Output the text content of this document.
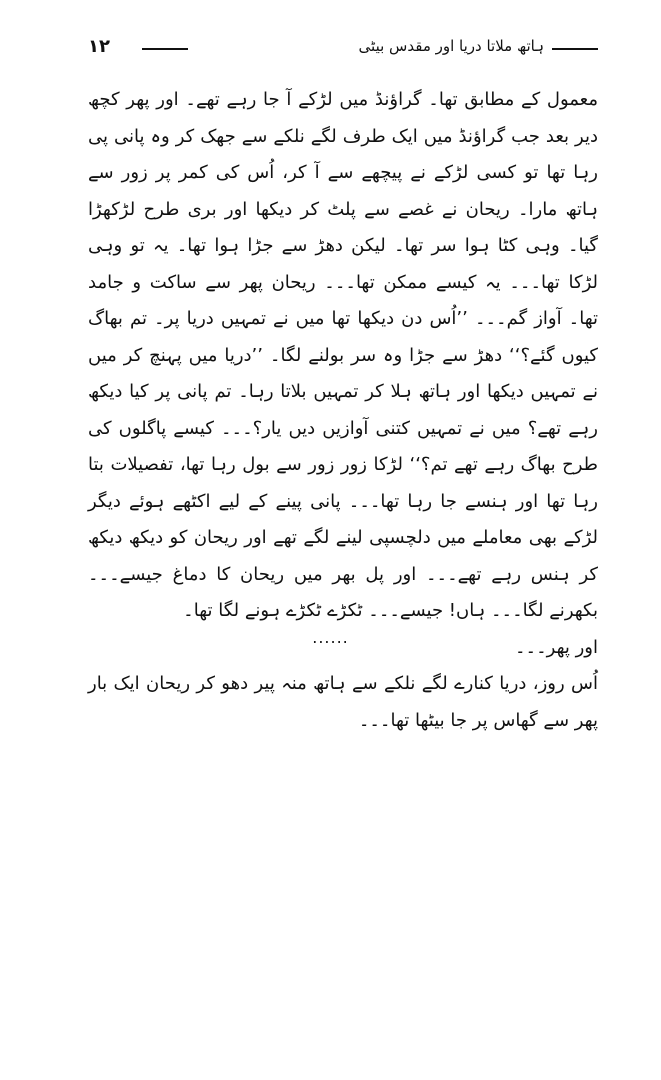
۱۲	ہاتھ ملاتا دریا اور مقدس بیٹی

معمول کے مطابق تھا۔ گراؤنڈ میں لڑکے آ جا رہے تھے۔ اور پھر کچھ دیر بعد جب گراؤنڈ میں ایک طرف لگے نلکے سے جھک کر وہ پانی پی رہا تھا تو کسی لڑکے نے پیچھے سے آ کر، اُس کی کمر پر زور سے ہاتھ مارا۔ ریحان نے غصے سے پلٹ کر دیکھا اور بری طرح لڑکھڑا گیا۔ وہی کٹا ہوا سر تھا۔ لیکن دھڑ سے جڑا ہوا تھا۔ یہ تو وہی لڑکا تھا۔۔۔ یہ کیسے ممکن تھا۔۔۔ ریحان پھر سے ساکت و جامد تھا۔ آواز گم۔۔۔ ’’اُس دن دیکھا تھا میں نے تمہیں دریا پر۔ تم بھاگ کیوں گئے؟‘‘ دھڑ سے جڑا وہ سر بولنے لگا۔ ’’دریا میں پہنچ کر میں نے تمہیں دیکھا اور ہاتھ ہلا کر تمہیں بلاتا رہا۔ تم پانی پر کیا دیکھ رہے تھے؟ میں نے تمہیں کتنی آوازیں دیں یار؟۔۔۔ کیسے پاگلوں کی طرح بھاگ رہے تھے تم؟‘‘ لڑکا زور زور سے بول رہا تھا، تفصیلات بتا رہا تھا اور ہنسے جا رہا تھا۔۔۔ پانی پینے کے لیے اکٹھے ہوئے دیگر لڑکے بھی معاملے میں دلچسپی لینے لگے تھے اور ریحان کو دیکھ دیکھ کر ہنس رہے تھے۔۔۔ اور پل بھر میں ریحان کا دماغ جیسے۔۔۔ بکھرنے لگا۔۔۔ ہاں! جیسے۔۔۔ ٹکڑے ٹکڑے ہونے لگا تھا۔

اور پھر۔۔۔

اُس روز، دریا کنارے لگے نلکے سے ہاتھ منہ پیر دھو کر ریحان ایک بار پھر سے گھاس پر جا بیٹھا تھا۔۔۔

......
